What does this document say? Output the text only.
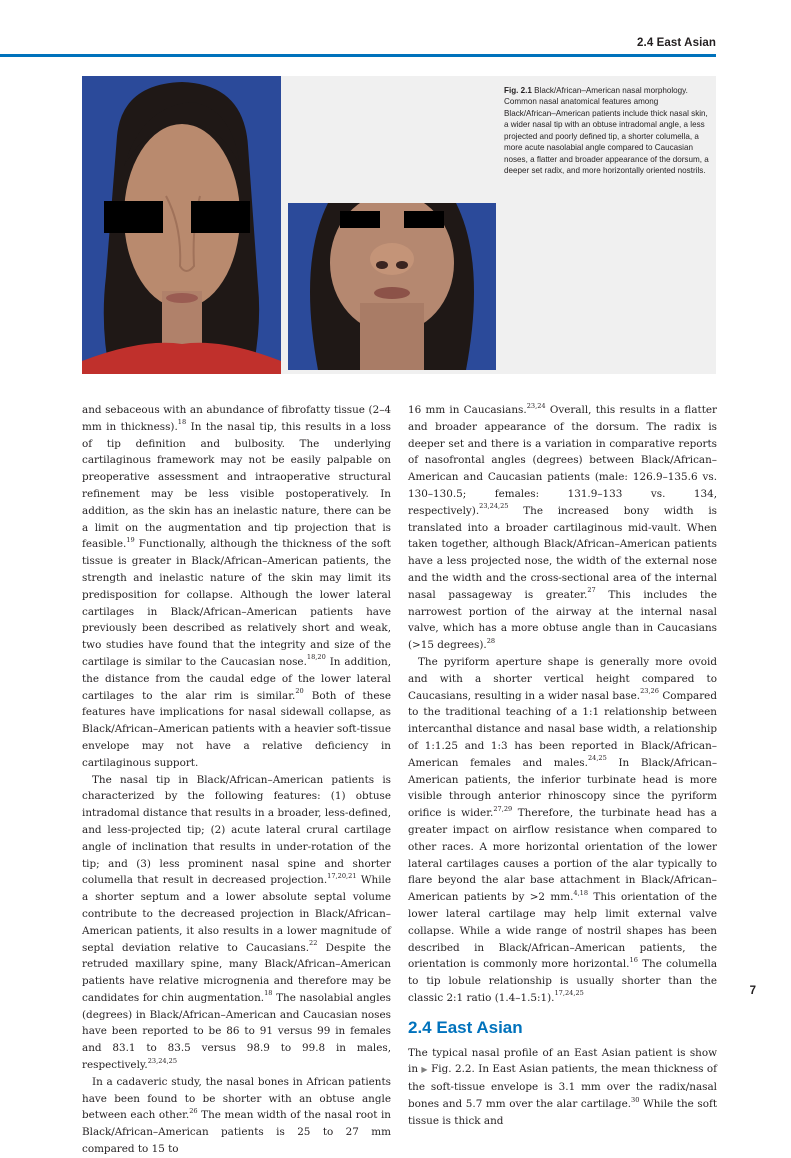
2.4 East Asian
Fig. 2.1 Black/African–American nasal morphology. Common nasal anatomical features among Black/African–American patients include thick nasal skin, a wider nasal tip with an obtuse intradomal angle, a less projected and poorly defined tip, a shorter columella, a more acute nasolabial angle compared to Caucasian noses, a flatter and broader appearance of the dorsum, a deeper set radix, and more horizontally oriented nostrils.

and sebaceous with an abundance of fibrofatty tissue (2–4 mm in thickness).$^{18}$ In the nasal tip, this results in a loss of tip definition and bulbosity. The underlying cartilaginous framework may not be easily palpable on preoperative assessment and intraoperative structural refinement may be less visible postoperatively. In addition, as the skin has an inelastic nature, there can be a limit on the augmentation and tip projection that is feasible.$^{19}$ Functionally, although the thickness of the soft tissue is greater in Black/African–American patients, the strength and inelastic nature of the skin may limit its predisposition for collapse. Although the lower lateral cartilages in Black/African–American patients have previously been described as relatively short and weak, two studies have found that the integrity and size of the cartilage is similar to the Caucasian nose.$^{18,20}$ In addition, the distance from the caudal edge of the lower lateral cartilages to the alar rim is similar.$^{20}$ Both of these features have implications for nasal sidewall collapse, as Black/African–American patients with a heavier soft-tissue envelope may not have a relative deficiency in cartilaginous support.

The nasal tip in Black/African–American patients is characterized by the following features: (1) obtuse intradomal distance that results in a broader, less-defined, and less-projected tip; (2) acute lateral crural cartilage angle of inclination that results in under-rotation of the tip; and (3) less prominent nasal spine and shorter columella that result in decreased projection.$^{17,20,21}$ While a shorter septum and a lower absolute septal volume contribute to the decreased projection in Black/African–American patients, it also results in a lower magnitude of septal deviation relative to Caucasians.$^{22}$ Despite the retruded maxillary spine, many Black/African–American patients have relative micrognenia and therefore may be candidates for chin augmentation.$^{18}$ The nasolabial angles (degrees) in Black/African–American and Caucasian noses have been reported to be 86 to 91 versus 99 in females and 83.1 to 83.5 versus 98.9 to 99.8 in males, respectively.$^{23,24,25}$

In a cadaveric study, the nasal bones in African patients have been found to be shorter with an obtuse angle between each other.$^{26}$ The mean width of the nasal root in Black/African–American patients is 25 to 27 mm compared to 15 to

16 mm in Caucasians.$^{23,24}$ Overall, this results in a flatter and broader appearance of the dorsum. The radix is deeper set and there is a variation in comparative reports of nasofrontal angles (degrees) between Black/African–American and Caucasian patients (male: 126.9–135.6 vs. 130–130.5; females: 131.9–133 vs. 134, respectively).$^{23,24,25}$ The increased bony width is translated into a broader cartilaginous mid-vault. When taken together, although Black/African–American patients have a less projected nose, the width of the external nose and the width and the cross-sectional area of the internal nasal passageway is greater.$^{27}$ This includes the narrowest portion of the airway at the internal nasal valve, which has a more obtuse angle than in Caucasians (>15 degrees).$^{28}$

The pyriform aperture shape is generally more ovoid and with a shorter vertical height compared to Caucasians, resulting in a wider nasal base.$^{23,26}$ Compared to the traditional teaching of a 1:1 relationship between intercanthal distance and nasal base width, a relationship of 1:1.25 and 1:3 has been reported in Black/African–American females and males.$^{24,25}$ In Black/African–American patients, the inferior turbinate head is more visible through anterior rhinoscopy since the pyriform orifice is wider.$^{27,29}$ Therefore, the turbinate head has a greater impact on airflow resistance when compared to other races. A more horizontal orientation of the lower lateral cartilages causes a portion of the alar typically to flare beyond the alar base attachment in Black/African–American patients by >2 mm.$^{4,18}$ This orientation of the lower lateral cartilage may help limit external valve collapse. While a wide range of nostril shapes has been described in Black/African–American patients, the orientation is commonly more horizontal.$^{16}$ The columella to tip lobule relationship is usually shorter than the classic 2:1 ratio (1.4–1.5:1).$^{17,24,25}$

2.4 East Asian

The typical nasal profile of an East Asian patient is show in ▶ Fig. 2.2. In East Asian patients, the mean thickness of the soft-tissue envelope is 3.1 mm over the radix/nasal bones and 5.7 mm over the alar cartilage.$^{30}$ While the soft tissue is thick and

7
